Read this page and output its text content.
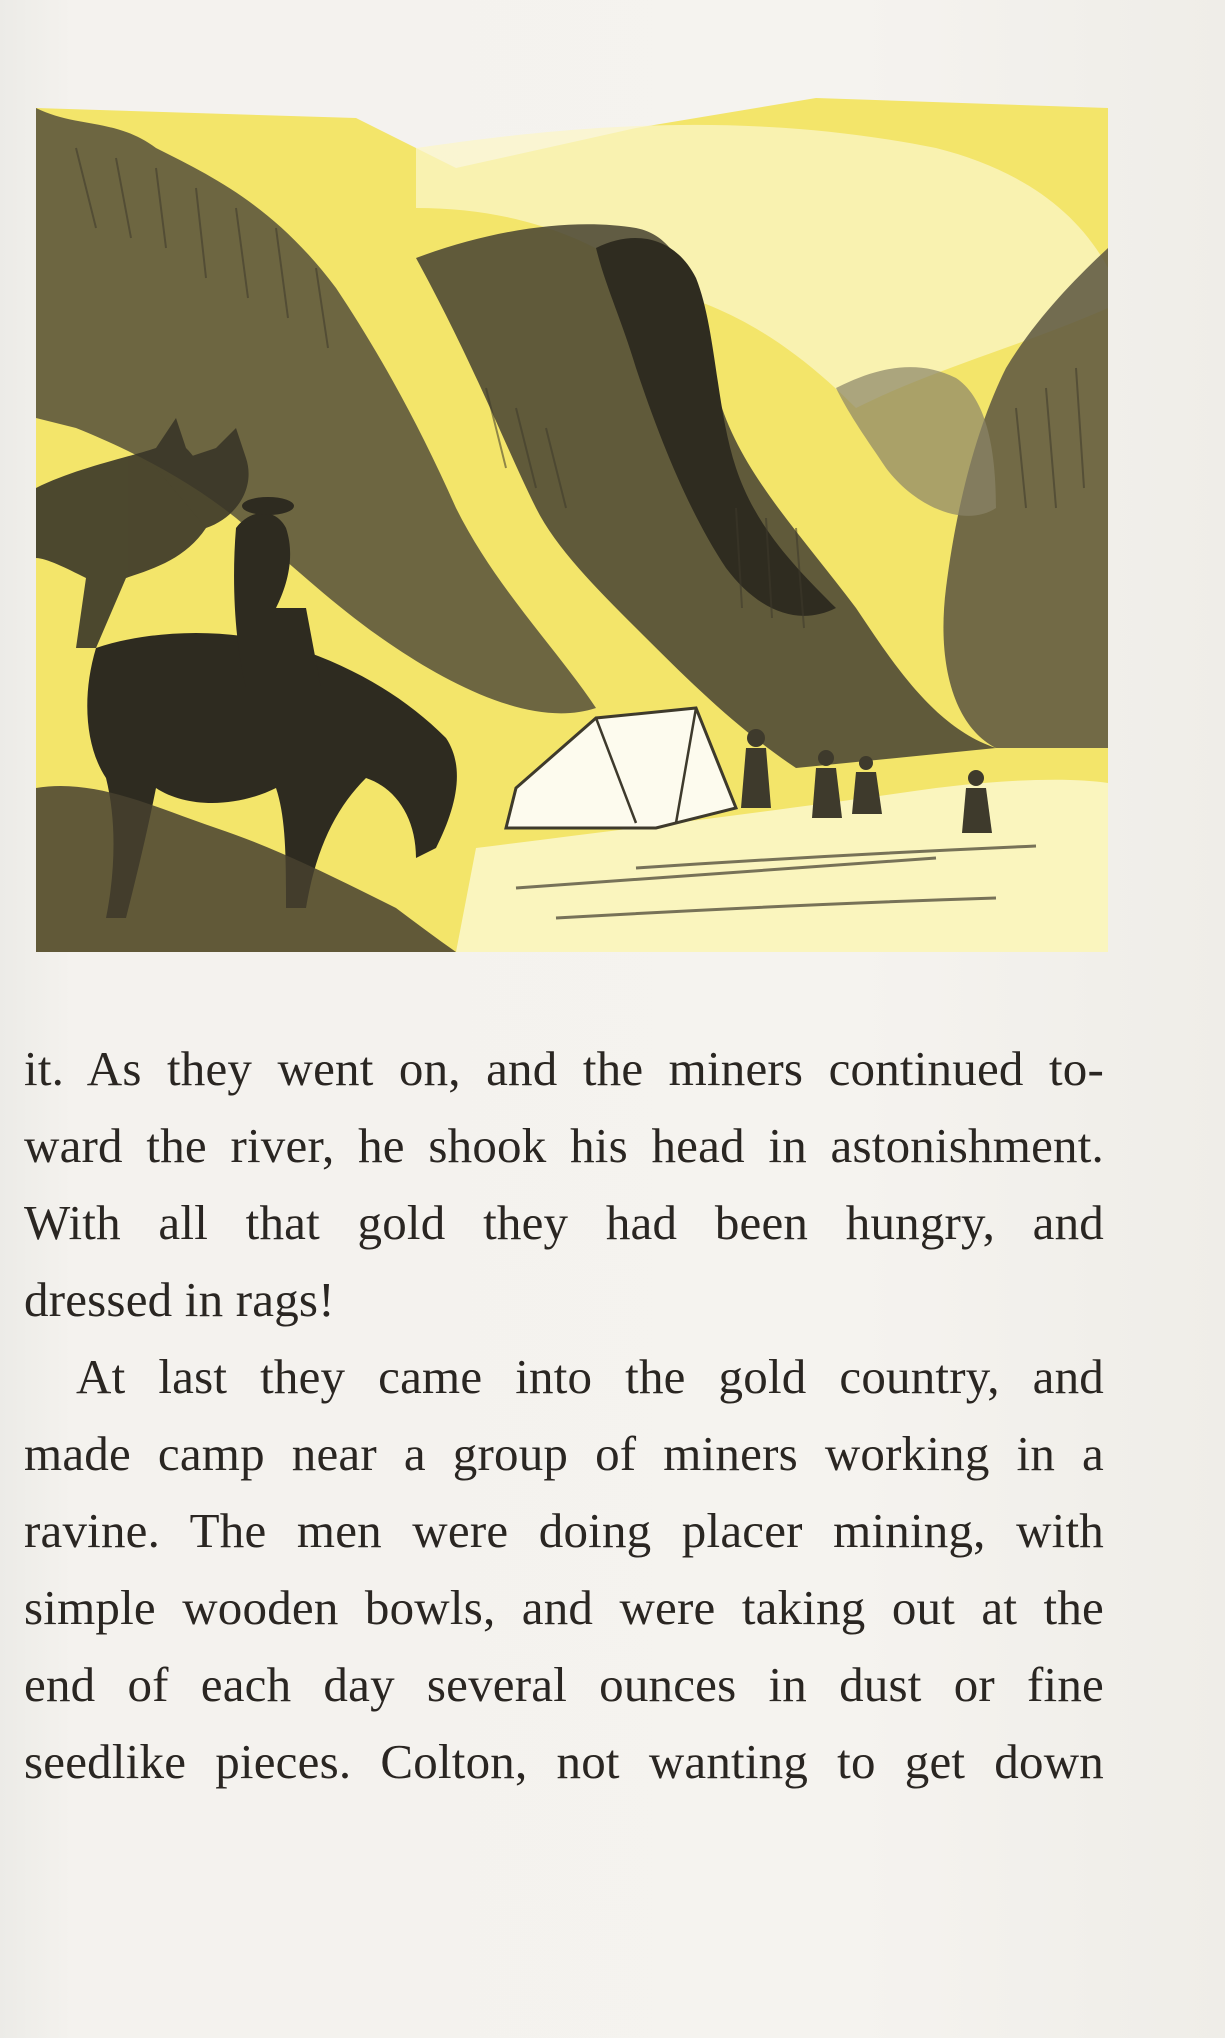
it. As they went on, and the miners continued to-
ward the river, he shook his head in astonishment.
With all that gold they had been hungry, and
dressed in rags!

At last they came into the gold country, and
made camp near a group of miners working in a
ravine. The men were doing placer mining, with
simple wooden bowls, and were taking out at the
end of each day several ounces in dust or fine
seedlike pieces. Colton, not wanting to get down
